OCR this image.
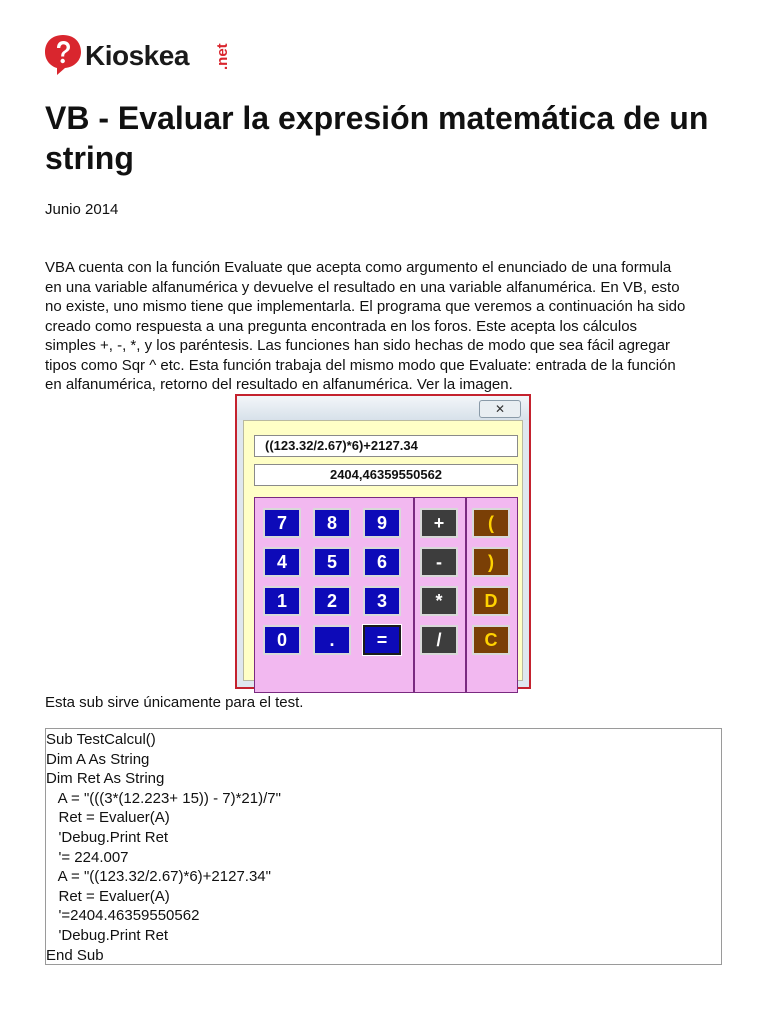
Kioskea .net
VB - Evaluar la expresión matemática de un string
Junio 2014
VBA cuenta con la función Evaluate que acepta como argumento el enunciado de una formula
en una variable alfanumérica y devuelve el resultado en una variable alfanumérica. En VB, esto
no existe, uno mismo tiene que implementarla. El programa que veremos a continuación ha sido
creado como respuesta a una pregunta encontrada en los foros. Este acepta los cálculos
simples +, -, *, y los paréntesis. Las funciones han sido hechas de modo que sea fácil agregar
tipos como Sqr ^ etc. Esta función trabaja del mismo modo que Evaluate: entrada de la función
en alfanumérica, retorno del resultado en alfanumérica. Ver la imagen.
✕
((123.32/2.67)*6)+2127.34
2404,46359550562
7	8	9
4	5	6
1	2	3
0	.	=
+
-
*
/
(
)
D
C
Esta sub sirve únicamente para el test.
Sub TestCalcul()
Dim A As String
Dim Ret As String
A = "(((3*(12.223+ 15)) - 7)*21)/7"
Ret = Evaluer(A)
'Debug.Print Ret
'= 224.007
A = "((123.32/2.67)*6)+2127.34"
Ret = Evaluer(A)
'=2404.46359550562
'Debug.Print Ret
End Sub
